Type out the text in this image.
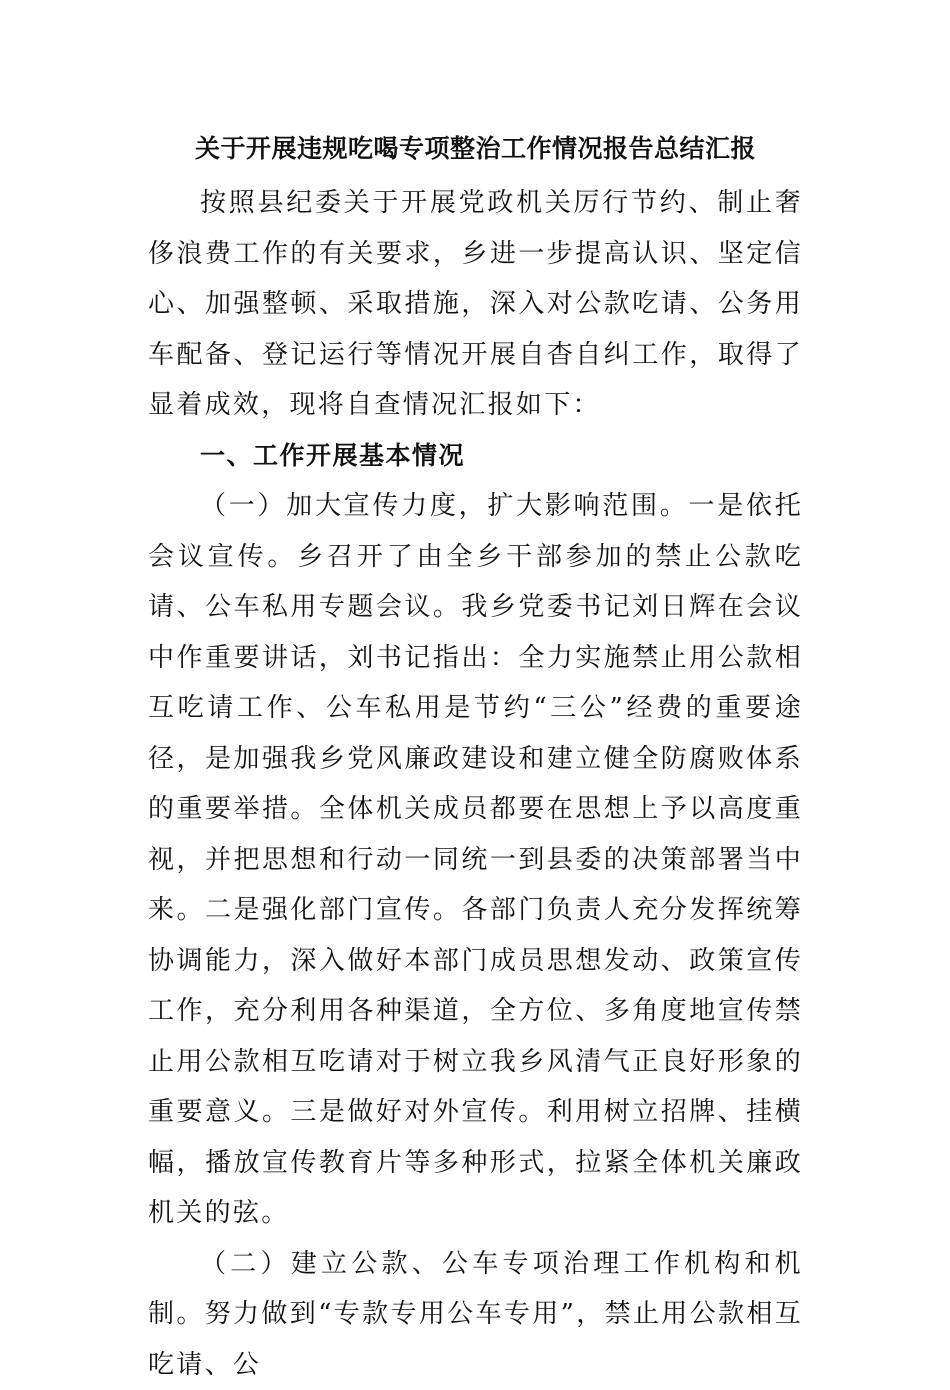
关于开展违规吃喝专项整治工作情况报告总结汇报

按照县纪委关于开展党政机关厉行节约、制止奢侈浪费工作的有关要求，乡进一步提高认识、坚定信心、加强整顿、采取措施，深入对公款吃请、公务用车配备、登记运行等情况开展自杳自纠工作，取得了显着成效，现将自查情况汇报如下：

一、工作开展基本情况

（一）加大宣传力度，扩大影响范围。一是依托会议宣传。乡召开了由全乡干部参加的禁止公款吃请、公车私用专题会议。我乡党委书记刘日辉在会议中作重要讲话，刘书记指出：全力实施禁止用公款相互吃请工作、公车私用是节约“三公”经费的重要途径，是加强我乡党风廉政建设和建立健全防腐败体系的重要举措。全体机关成员都要在思想上予以高度重视，并把思想和行动一同统一到县委的决策部署当中来。二是强化部门宣传。各部门负责人充分发挥统筹协调能力，深入做好本部门成员思想发动、政策宣传工作，充分利用各种渠道，全方位、多角度地宣传禁止用公款相互吃请对于树立我乡风清气正良好形象的重要意义。三是做好对外宣传。利用树立招牌、挂横幅，播放宣传教育片等多种形式，拉紧全体机关廉政机关的弦。

（二）建立公款、公车专项治理工作机构和机制。努力做到“专款专用公车专用”，禁止用公款相互吃请、公
